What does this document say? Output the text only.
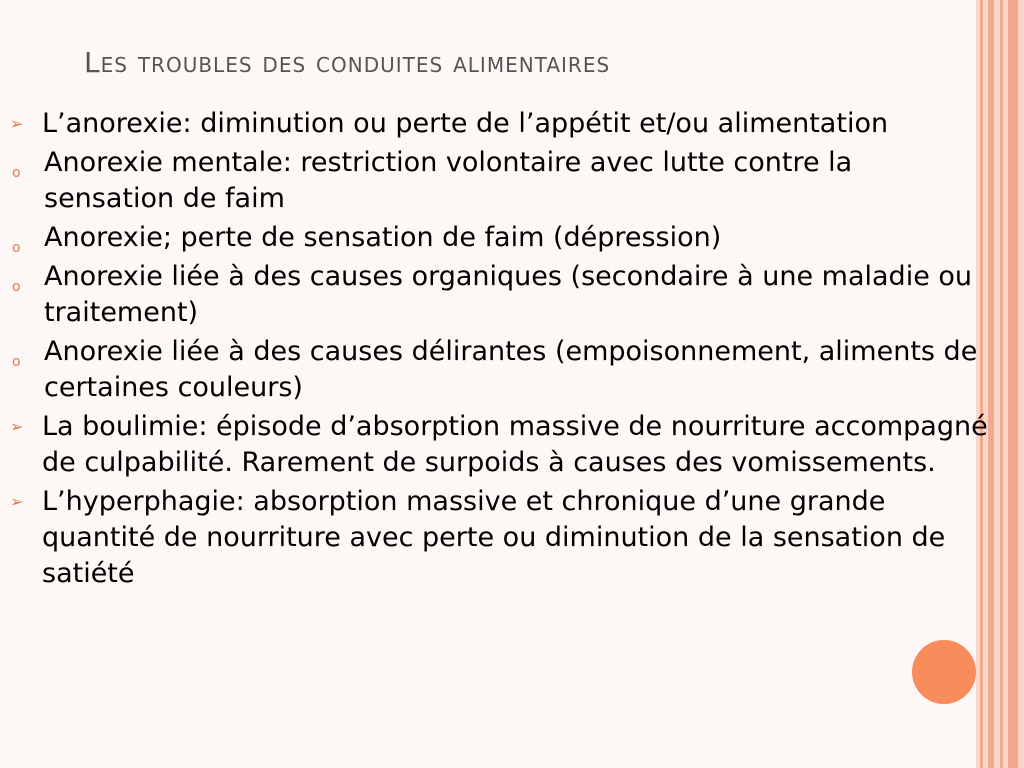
Les troubles des conduites alimentaires
➢ L’anorexie: diminution ou perte de l’appétit et/ou alimentation
o Anorexie mentale: restriction volontaire avec lutte contre la sensation de faim
o Anorexie; perte de sensation de faim (dépression)
o Anorexie liée à des causes organiques (secondaire à une maladie ou traitement)
o Anorexie liée à des causes délirantes (empoisonnement, aliments de certaines couleurs)
➢ La boulimie: épisode d’absorption massive de nourriture accompagné de culpabilité. Rarement de surpoids à causes des vomissements.
➢ L’hyperphagie: absorption massive et chronique d’une grande quantité de nourriture avec perte ou diminution de la sensation de satiété
